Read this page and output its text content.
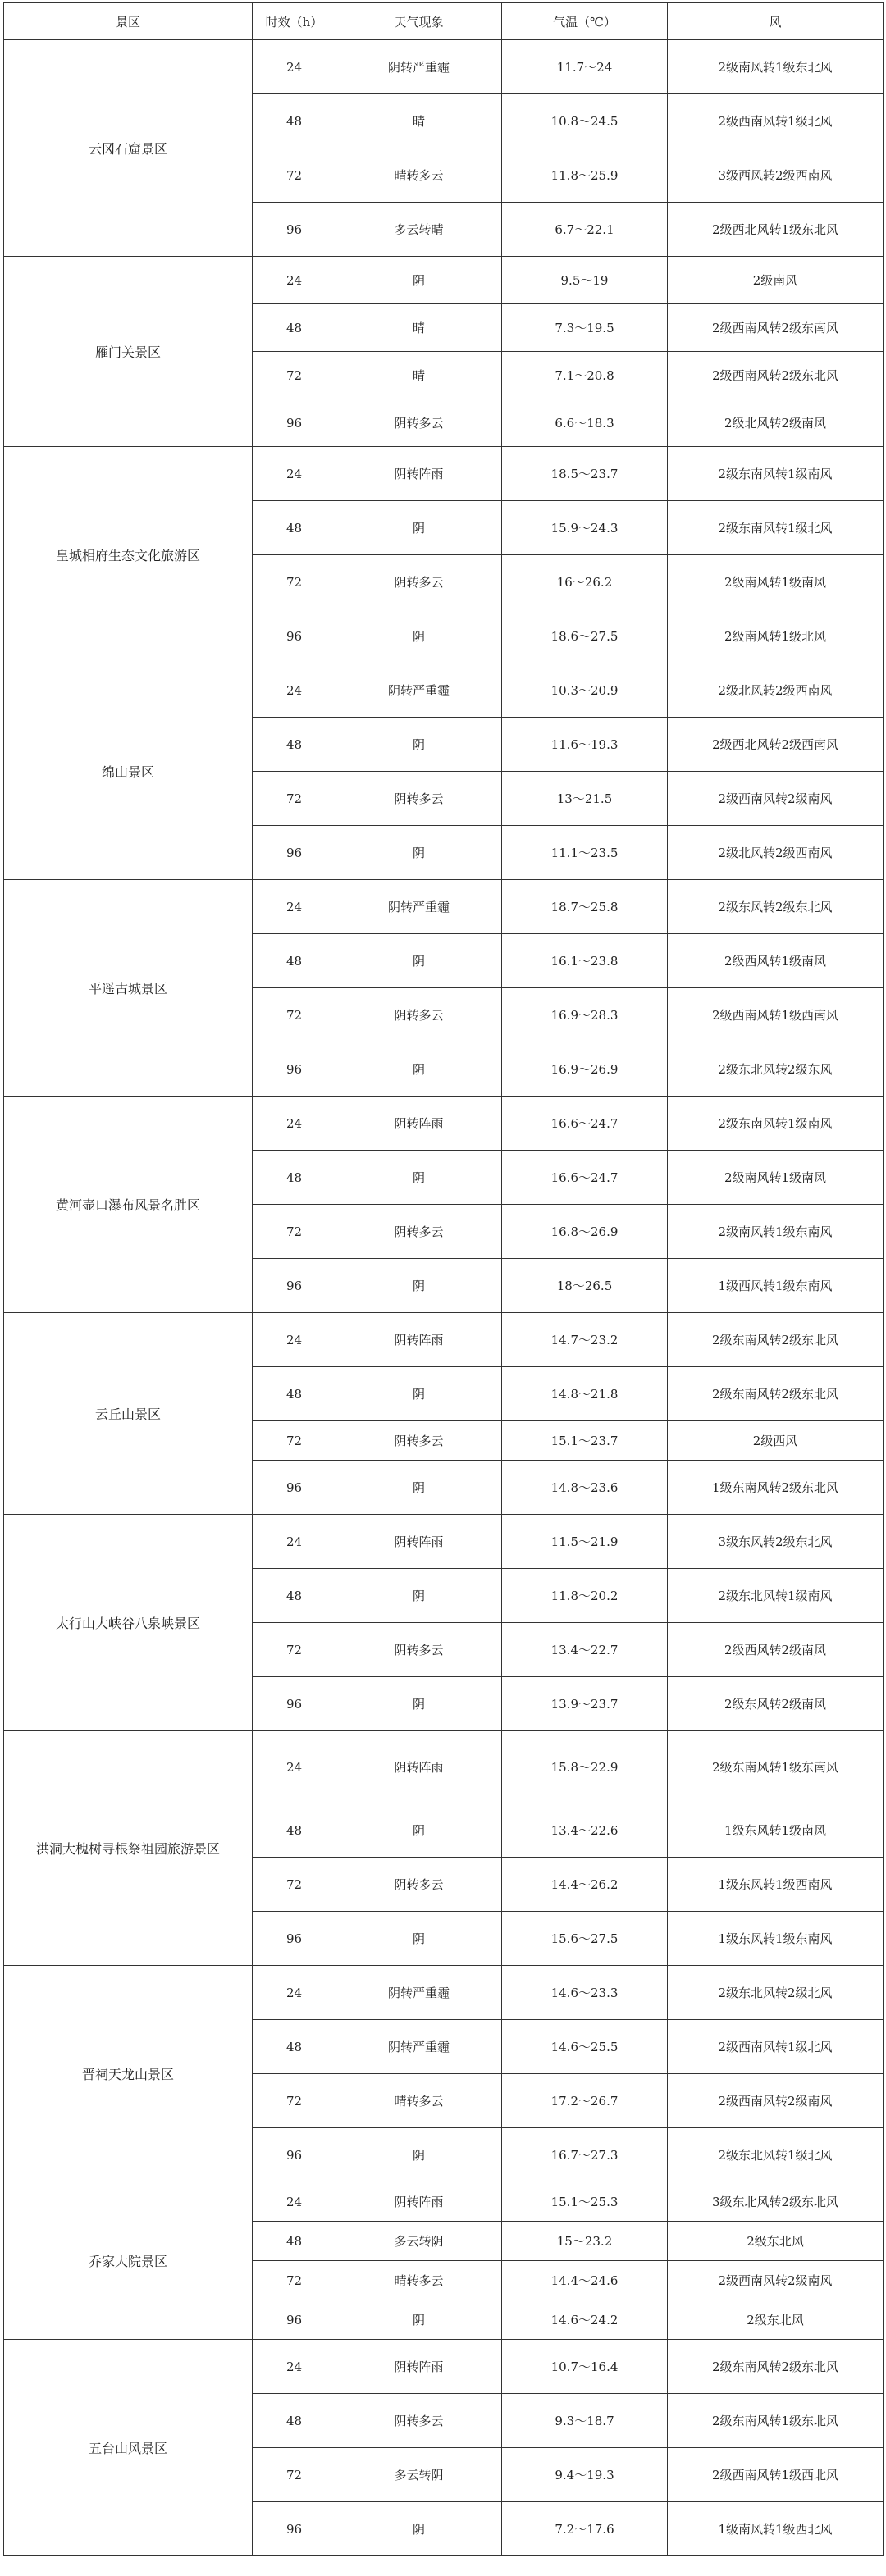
景区	时效（h）	天气现象	气温（℃）	风
云冈石窟景区	24	阴转严重霾	11.7～24	2级南风转1级东北风
	48	晴	10.8～24.5	2级西南风转1级北风
	72	晴转多云	11.8～25.9	3级西风转2级西南风
	96	多云转晴	6.7～22.1	2级西北风转1级东北风
雁门关景区	24	阴	9.5～19	2级南风
	48	晴	7.3～19.5	2级西南风转2级东南风
	72	晴	7.1～20.8	2级西南风转2级东北风
	96	阴转多云	6.6～18.3	2级北风转2级南风
皇城相府生态文化旅游区	24	阴转阵雨	18.5～23.7	2级东南风转1级南风
	48	阴	15.9～24.3	2级东南风转1级北风
	72	阴转多云	16～26.2	2级南风转1级南风
	96	阴	18.6～27.5	2级南风转1级北风
绵山景区	24	阴转严重霾	10.3～20.9	2级北风转2级西南风
	48	阴	11.6～19.3	2级西北风转2级西南风
	72	阴转多云	13～21.5	2级西南风转2级南风
	96	阴	11.1～23.5	2级北风转2级西南风
平遥古城景区	24	阴转严重霾	18.7～25.8	2级东风转2级东北风
	48	阴	16.1～23.8	2级西风转1级南风
	72	阴转多云	16.9～28.3	2级西南风转1级西南风
	96	阴	16.9～26.9	2级东北风转2级东风
黄河壶口瀑布风景名胜区	24	阴转阵雨	16.6～24.7	2级东南风转1级南风
	48	阴	16.6～24.7	2级南风转1级南风
	72	阴转多云	16.8～26.9	2级南风转1级东南风
	96	阴	18～26.5	1级西风转1级东南风
云丘山景区	24	阴转阵雨	14.7～23.2	2级东南风转2级东北风
	48	阴	14.8～21.8	2级东南风转2级东北风
	72	阴转多云	15.1～23.7	2级西风
	96	阴	14.8～23.6	1级东南风转2级东北风
太行山大峡谷八泉峡景区	24	阴转阵雨	11.5～21.9	3级东风转2级东北风
	48	阴	11.8～20.2	2级东北风转1级南风
	72	阴转多云	13.4～22.7	2级西风转2级南风
	96	阴	13.9～23.7	2级东风转2级南风
洪洞大槐树寻根祭祖园旅游景区	24	阴转阵雨	15.8～22.9	2级东南风转1级东南风
	48	阴	13.4～22.6	1级东风转1级南风
	72	阴转多云	14.4～26.2	1级东风转1级西南风
	96	阴	15.6～27.5	1级东风转1级东南风
晋祠天龙山景区	24	阴转严重霾	14.6～23.3	2级东北风转2级北风
	48	阴转严重霾	14.6～25.5	2级西南风转1级北风
	72	晴转多云	17.2～26.7	2级西南风转2级南风
	96	阴	16.7～27.3	2级东北风转1级北风
乔家大院景区	24	阴转阵雨	15.1～25.3	3级东北风转2级东北风
	48	多云转阴	15～23.2	2级东北风
	72	晴转多云	14.4～24.6	2级西南风转2级南风
	96	阴	14.6～24.2	2级东北风
五台山风景区	24	阴转阵雨	10.7～16.4	2级东南风转2级东北风
	48	阴转多云	9.3～18.7	2级东南风转1级东北风
	72	多云转阴	9.4～19.3	2级西南风转1级西北风
	96	阴	7.2～17.6	1级南风转1级西北风
